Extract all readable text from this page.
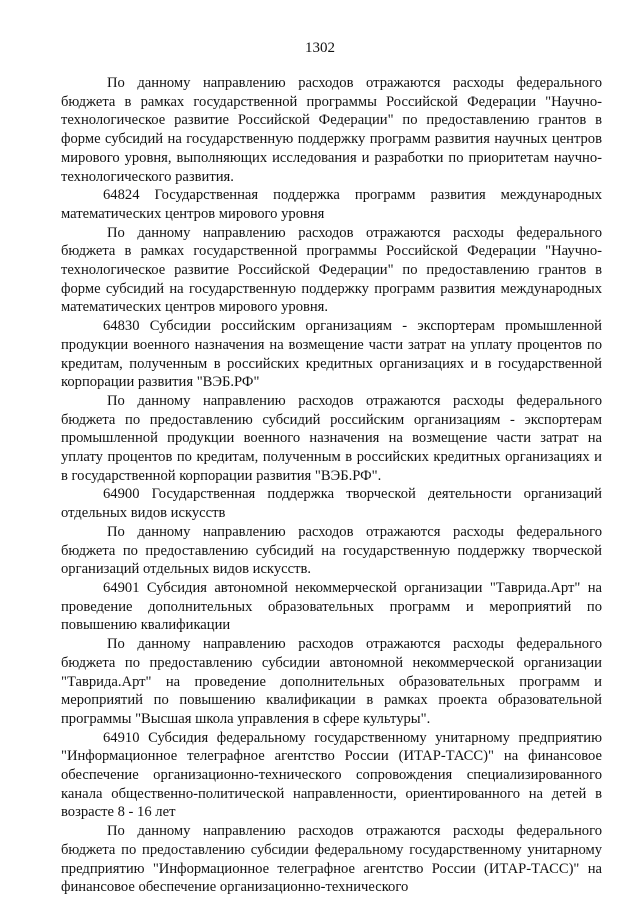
1302

По данному направлению расходов отражаются расходы федерального бюджета в рамках государственной программы Российской Федерации "Научно-технологическое развитие Российской Федерации" по предоставлению грантов в форме субсидий на государственную поддержку программ развития научных центров мирового уровня, выполняющих исследования и разработки по приоритетам научно-технологического развития.

64824 Государственная поддержка программ развития международных математических центров мирового уровня

По данному направлению расходов отражаются расходы федерального бюджета в рамках государственной программы Российской Федерации "Научно-технологическое развитие Российской Федерации" по предоставлению грантов в форме субсидий на государственную поддержку программ развития международных математических центров мирового уровня.

64830 Субсидии российским организациям - экспортерам промышленной продукции военного назначения на возмещение части затрат на уплату процентов по кредитам, полученным в российских кредитных организациях и в государственной корпорации развития "ВЭБ.РФ"

По данному направлению расходов отражаются расходы федерального бюджета по предоставлению субсидий российским организациям - экспортерам промышленной продукции военного назначения на возмещение части затрат на уплату процентов по кредитам, полученным в российских кредитных организациях и в государственной корпорации развития "ВЭБ.РФ".

64900 Государственная поддержка творческой деятельности организаций отдельных видов искусств

По данному направлению расходов отражаются расходы федерального бюджета по предоставлению субсидий на государственную поддержку творческой организаций отдельных видов искусств.

64901 Субсидия автономной некоммерческой организации "Таврида.Арт" на проведение дополнительных образовательных программ и мероприятий по повышению квалификации

По данному направлению расходов отражаются расходы федерального бюджета по предоставлению субсидии автономной некоммерческой организации "Таврида.Арт" на проведение дополнительных образовательных программ и мероприятий по повышению квалификации в рамках проекта образовательной программы "Высшая школа управления в сфере культуры".

64910 Субсидия федеральному государственному унитарному предприятию "Информационное телеграфное агентство России (ИТАР-ТАСС)" на финансовое обеспечение организационно-технического сопровождения специализированного канала общественно-политической направленности, ориентированного на детей в возрасте 8 - 16 лет

По данному направлению расходов отражаются расходы федерального бюджета по предоставлению субсидии федеральному государственному унитарному предприятию "Информационное телеграфное агентство России (ИТАР-ТАСС)" на финансовое обеспечение организационно-технического
